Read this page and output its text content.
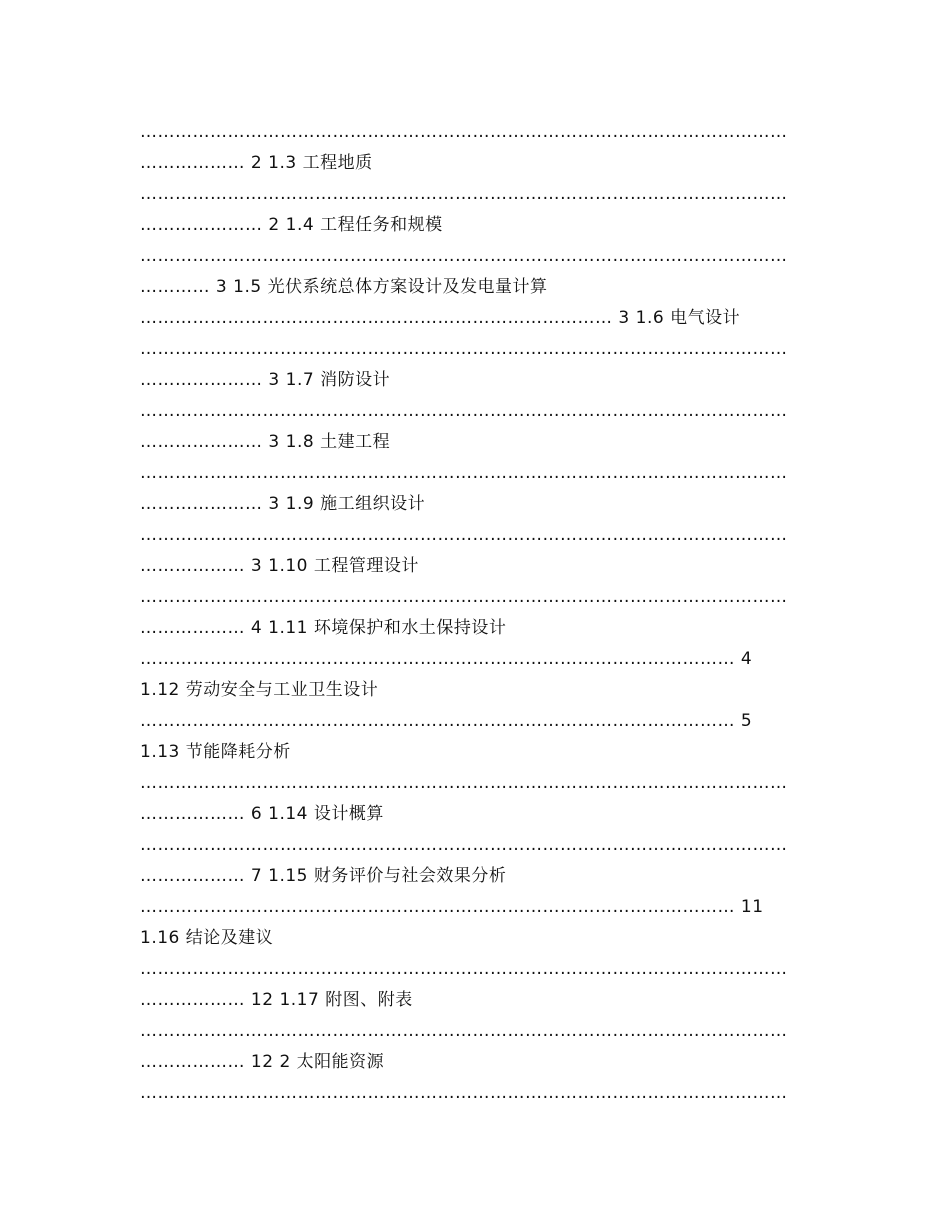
…………………………………………………………………………………………………
……………… 2 1.3 工程地质
…………………………………………………………………………………………………
………………… 2 1.4 工程任务和规模
…………………………………………………………………………………………………
………… 3 1.5 光伏系统总体方案设计及发电量计算
……………………………………………………………………… 3 1.6 电气设计
…………………………………………………………………………………………………
………………… 3 1.7 消防设计
…………………………………………………………………………………………………
………………… 3 1.8 土建工程
…………………………………………………………………………………………………
………………… 3 1.9 施工组织设计
…………………………………………………………………………………………………
……………… 3 1.10 工程管理设计
…………………………………………………………………………………………………
……………… 4 1.11 环境保护和水土保持设计
………………………………………………………………………………………… 4
1.12 劳动安全与工业卫生设计
………………………………………………………………………………………… 5
1.13 节能降耗分析
…………………………………………………………………………………………………
……………… 6 1.14 设计概算
…………………………………………………………………………………………………
……………… 7 1.15 财务评价与社会效果分析
………………………………………………………………………………………… 11
1.16 结论及建议
…………………………………………………………………………………………………
……………… 12 1.17 附图、附表
…………………………………………………………………………………………………
……………… 12 2 太阳能资源
…………………………………………………………………………………………………
